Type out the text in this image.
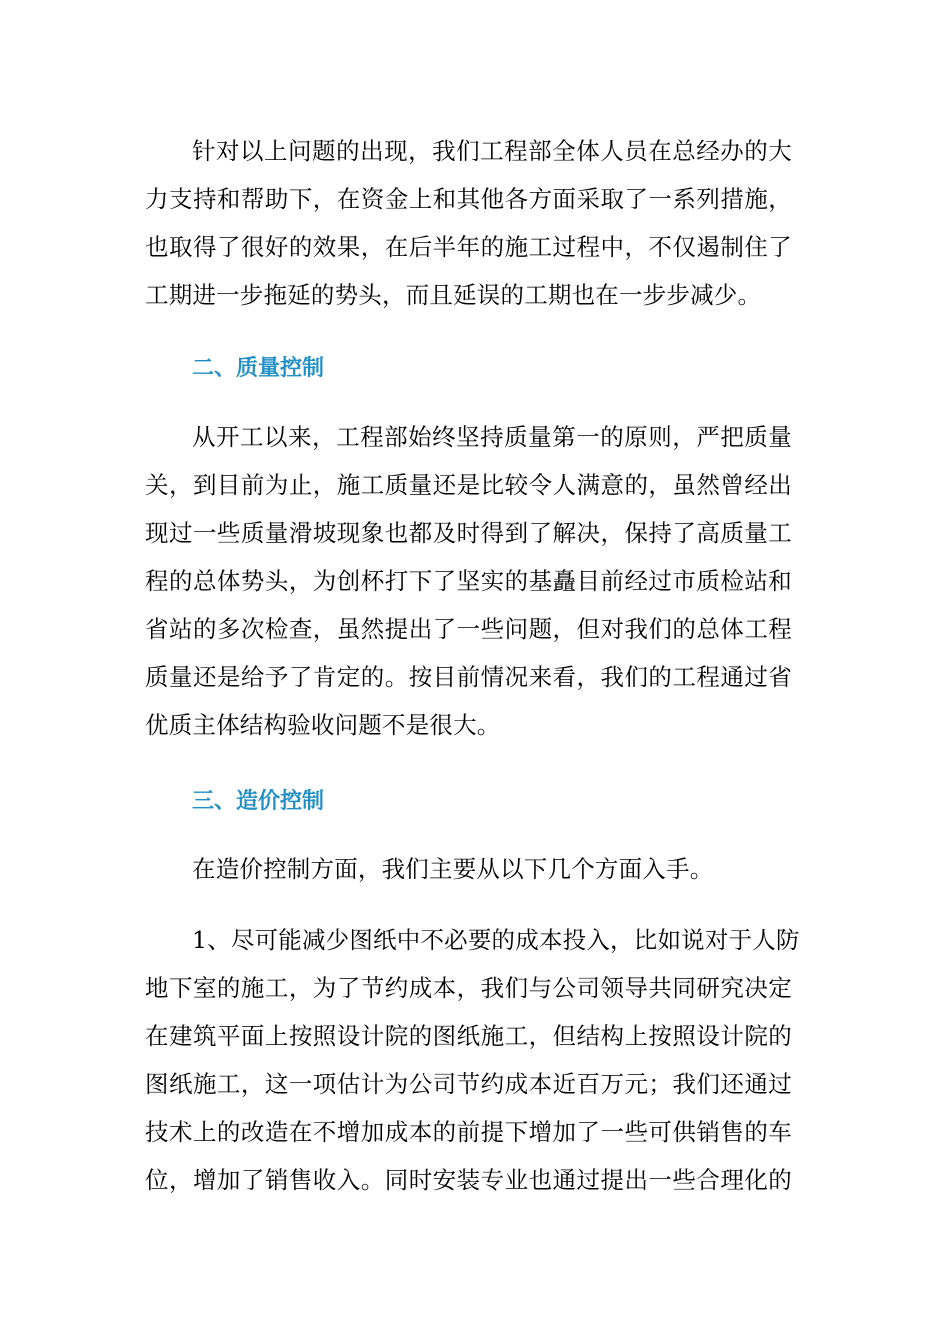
针对以上问题的出现，我们工程部全体人员在总经办的大
力支持和帮助下，在资金上和其他各方面采取了一系列措施，
也取得了很好的效果，在后半年的施工过程中，不仅遏制住了
工期进一步拖延的势头，而且延误的工期也在一步步减少。
二、质量控制
从开工以来，工程部始终坚持质量第一的原则，严把质量
关，到目前为止，施工质量还是比较令人满意的，虽然曾经出
现过一些质量滑坡现象也都及时得到了解决，保持了高质量工
程的总体势头，为创杯打下了坚实的基矗目前经过市质检站和
省站的多次检查，虽然提出了一些问题，但对我们的总体工程
质量还是给予了肯定的。按目前情况来看，我们的工程通过省
优质主体结构验收问题不是很大。
三、造价控制
在造价控制方面，我们主要从以下几个方面入手。
1、尽可能减少图纸中不必要的成本投入，比如说对于人防
地下室的施工，为了节约成本，我们与公司领导共同研究决定
在建筑平面上按照设计院的图纸施工，但结构上按照设计院的
图纸施工，这一项估计为公司节约成本近百万元；我们还通过
技术上的改造在不增加成本的前提下增加了一些可供销售的车
位，增加了销售收入。同时安装专业也通过提出一些合理化的
